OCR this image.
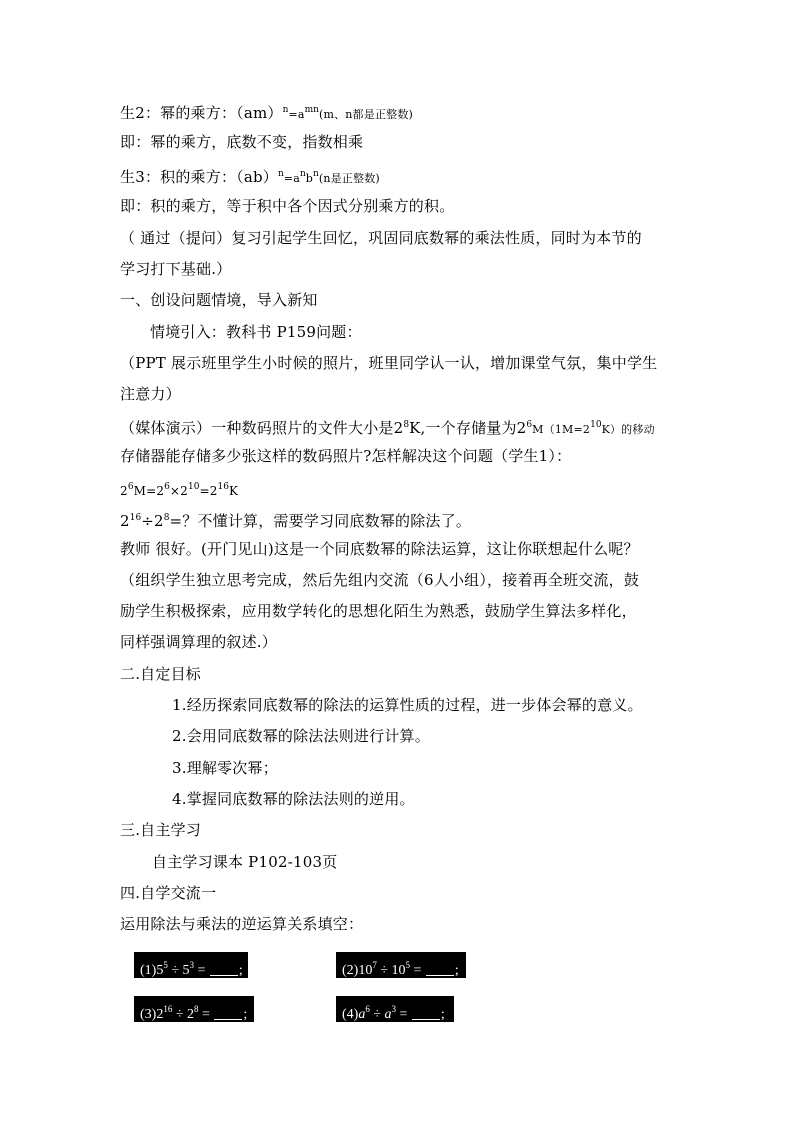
生2：幂的乘方：$(am)^n=a^{mn}(m$、n都是正整数)
即：幂的乘方，底数不变，指数相乘
生3：积的乘方：$(ab)^n=a^nb^n(n$是正整数)
即：积的乘方，等于积中各个因式分别乘方的积。
（ 通过（提问）复习引起学生回忆，巩固同底数幂的乘法性质，同时为本节的
学习打下基础.）
一、创设问题情境，导入新知
情境引入：教科书 P159问题：
（PPT 展示班里学生小时候的照片，班里同学认一认，增加课堂气氛，集中学生
注意力）
（媒体演示）一种数码照片的文件大小是$2^8K$,一个存储量为$2^6M(1M=2^{10}K)$的移动
存储器能存储多少张这样的数码照片?怎样解决这个问题（学生1）：
$2^6M=2^6\times 2^{10}=2^{16}K$
$2^{16}\div 2^8=$？不懂计算，需要学习同底数幂的除法了。
教师 很好。(开门见山)这是一个同底数幂的除法运算，这让你联想起什么呢？
（组织学生独立思考完成，然后先组内交流（6人小组），接着再全班交流，鼓
励学生积极探索，应用数学转化的思想化陌生为熟悉，鼓励学生算法多样化，
同样强调算理的叙述.）
二.自定目标
1.经历探索同底数幂的除法的运算性质的过程，进一步体会幂的意义。
2.会用同底数幂的除法法则进行计算。
3.理解零次幂；
4.掌握同底数幂的除法法则的逆用。
三.自主学习
自主学习课本 P102-103页
四.自学交流一
运用除法与乘法的逆运算关系填空：
$(1)5^5 \div 5^3$ = ;	$(2)10^7 \div 10^5$ = ;
$(3)2^{16} \div 2^8$ = ;	$(4)a^6 \div a^3$ = ;
